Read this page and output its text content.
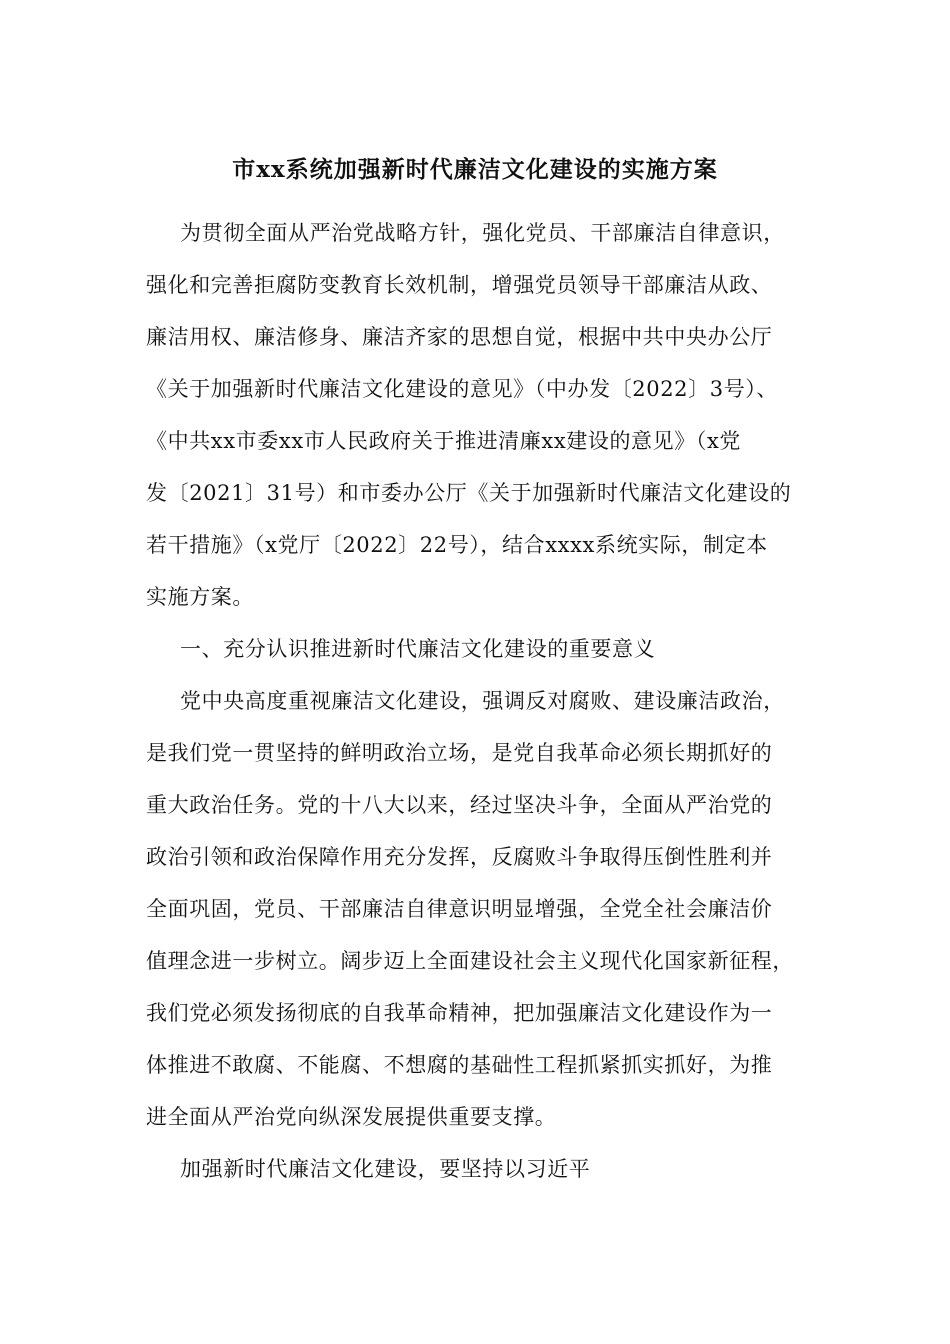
市xx系统加强新时代廉洁文化建设的实施方案
为贯彻全面从严治党战略方针，强化党员、干部廉洁自律意识，
强化和完善拒腐防变教育长效机制，增强党员领导干部廉洁从政、
廉洁用权、廉洁修身、廉洁齐家的思想自觉，根据中共中央办公厅
《关于加强新时代廉洁文化建设的意见》（中办发〔2022〕3号）、
《中共xx市委xx市人民政府关于推进清廉xx建设的意见》（x党
发〔2021〕31号）和市委办公厅《关于加强新时代廉洁文化建设的
若干措施》（x党厅〔2022〕22号），结合xxxx系统实际，制定本
实施方案。
一、充分认识推进新时代廉洁文化建设的重要意义
党中央高度重视廉洁文化建设，强调反对腐败、建设廉洁政治，
是我们党一贯坚持的鲜明政治立场，是党自我革命必须长期抓好的
重大政治任务。党的十八大以来，经过坚决斗争，全面从严治党的
政治引领和政治保障作用充分发挥，反腐败斗争取得压倒性胜利并
全面巩固，党员、干部廉洁自律意识明显增强，全党全社会廉洁价
值理念进一步树立。阔步迈上全面建设社会主义现代化国家新征程，
我们党必须发扬彻底的自我革命精神，把加强廉洁文化建设作为一
体推进不敢腐、不能腐、不想腐的基础性工程抓紧抓实抓好，为推
进全面从严治党向纵深发展提供重要支撑。
加强新时代廉洁文化建设，要坚持以习近平
